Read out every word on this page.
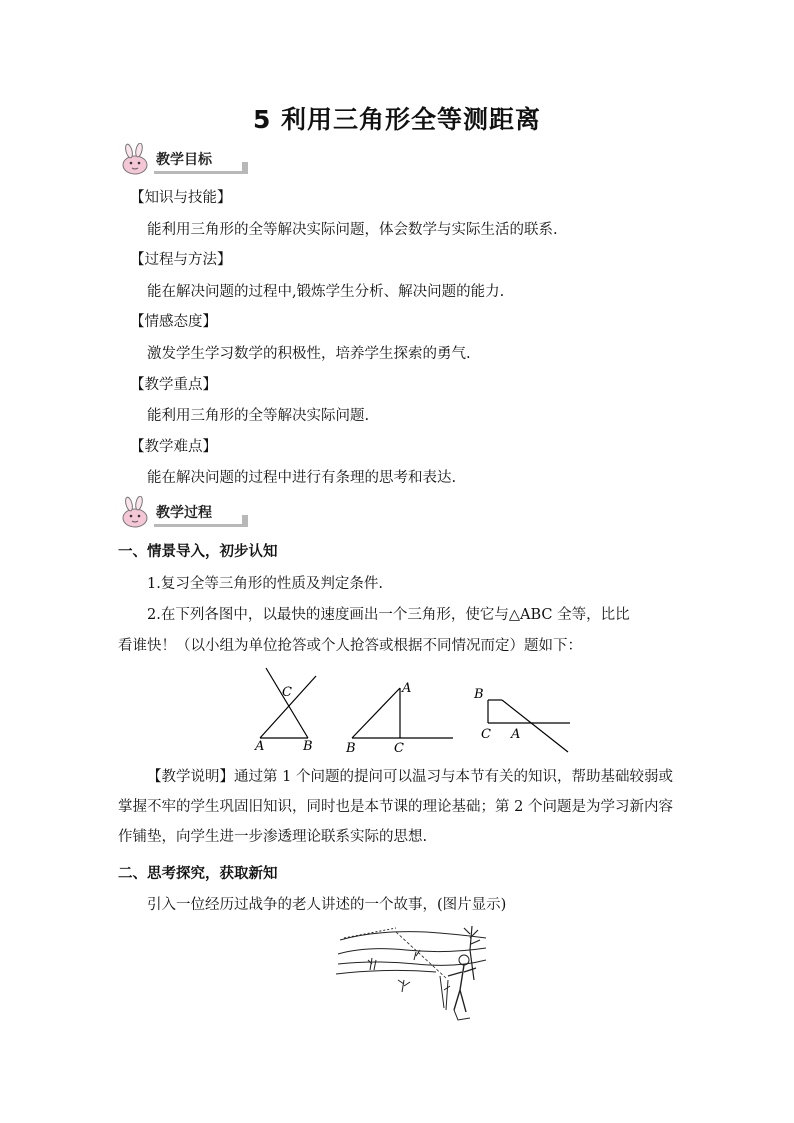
5 利用三角形全等测距离
教学目标
【知识与技能】
能利用三角形的全等解决实际问题，体会数学与实际生活的联系.
【过程与方法】
能在解决问题的过程中,锻炼学生分析、解决问题的能力.
【情感态度】
激发学生学习数学的积极性，培养学生探索的勇气.
【教学重点】
能利用三角形的全等解决实际问题.
【教学难点】
能在解决问题的过程中进行有条理的思考和表达.
教学过程
一、情景导入，初步认知
1.复习全等三角形的性质及判定条件.
2.在下列各图中，以最快的速度画出一个三角形，使它与△ABC 全等，比比
看谁快！（以小组为单位抢答或个人抢答或根据不同情况而定）题如下：
C
A	B
A
B	C
B
C A
【教学说明】通过第 1 个问题的提问可以温习与本节有关的知识，帮助基础较弱或掌握不牢的学生巩固旧知识，同时也是本节课的理论基础；第 2 个问题是为学习新内容作铺垫，向学生进一步渗透理论联系实际的思想.
二、思考探究，获取新知
引入一位经历过战争的老人讲述的一个故事，(图片显示)
